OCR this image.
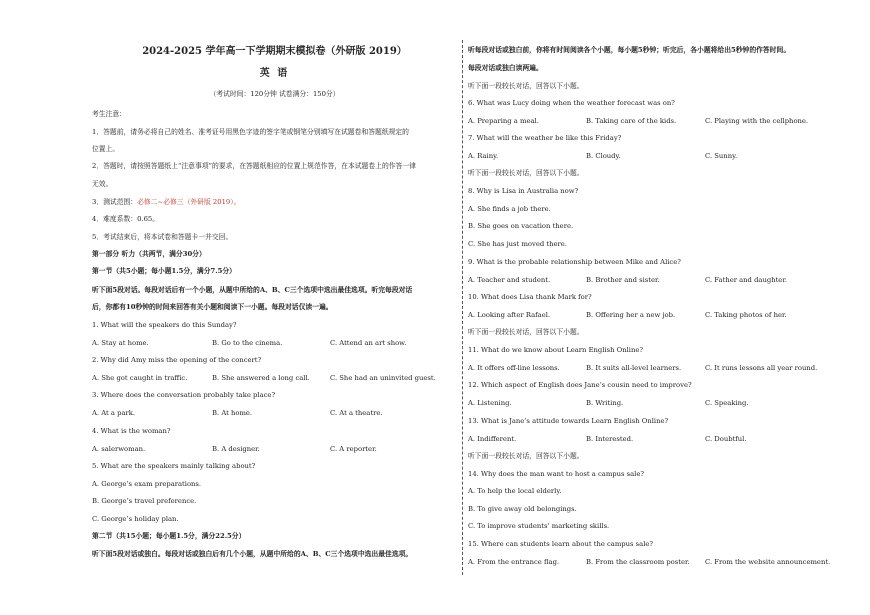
2024-2025 学年高一下学期期末模拟卷（外研版 2019）
英 语
（考试时间：120分钟 试卷满分：150分）
考生注意：
1．答题前，请务必将自己的姓名、准考证号用黑色字迹的签字笔或钢笔分别填写在试题卷和答题纸规定的
位置上。
2．答题时，请按照答题纸上“注意事项”的要求，在答题纸相应的位置上规范作答，在本试题卷上的作答一律
无效。
3．测试范围：必修二~必修三（外研版 2019）。
4．难度系数：0.65。
5．考试结束后，将本试卷和答题卡一并交回。
第一部分 听力（共两节，满分30分）
第一节（共5小题；每小题1.5分，满分7.5分）
听下面5段对话。每段对话后有一个小题，从题中所给的A、B、C三个选项中选出最佳选项。听完每段对话
后，你都有10秒钟的时间来回答有关小题和阅读下一小题。每段对话仅读一遍。
1. What will the speakers do this Sunday?
A. Stay at home.	B. Go to the cinema.	C. Attend an art show.
2. Why did Amy miss the opening of the concert?
A. She got caught in traffic.	B. She answered a long call.	C. She had an uninvited guest.
3. Where does the conversation probably take place?
A. At a park.	B. At home.	C. At a theatre.
4. What is the woman?
A. salerwoman.	B. A designer.	C. A reporter.
5. What are the speakers mainly talking about?
A. George’s exam preparations.
B. George’s travel preference.
C. George’s holiday plan.
第二节（共15小题；每小题1.5分，满分22.5分）
听下面5段对话或独白。每段对话或独白后有几个小题，从题中所给的A、B、C三个选项中选出最佳选项。
听每段对话或独白前，你将有时间阅读各个小题，每小题5秒钟；听完后，各小题将给出5秒钟的作答时间。
每段对话或独白读两遍。
听下面一段较长对话，回答以下小题。
6. What was Lucy doing when the weather forecast was on?
A. Preparing a meal.	B. Taking care of the kids.	C. Playing with the cellphone.
7. What will the weather be like this Friday?
A. Rainy.	B. Cloudy.	C. Sunny.
听下面一段较长对话，回答以下小题。
8. Why is Lisa in Australia now?
A. She finds a job there.
B. She goes on vacation there.
C. She has just moved there.
9. What is the probable relationship between Mike and Alice?
A. Teacher and student.	B. Brother and sister.	C. Father and daughter.
10. What does Lisa thank Mark for?
A. Looking after Rafael.	B. Offering her a new job.	C. Taking photos of her.
听下面一段较长对话，回答以下小题。
11. What do we know about Learn English Online?
A. It offers off-line lessons.	B. It suits all-level learners.	C. It runs lessons all year round.
12. Which aspect of English does Jane’s cousin need to improve?
A. Listening.	B. Writing.	C. Speaking.
13. What is Jane’s attitude towards Learn English Online?
A. Indifferent.	B. Interested.	C. Doubtful.
听下面一段较长对话，回答以下小题。
14. Why does the man want to host a campus sale?
A. To help the local elderly.
B. To give away old belongings.
C. To improve students’ marketing skills.
15. Where can students learn about the campus sale?
A. From the entrance flag.	B. From the classroom poster. C. From the website announcement.
